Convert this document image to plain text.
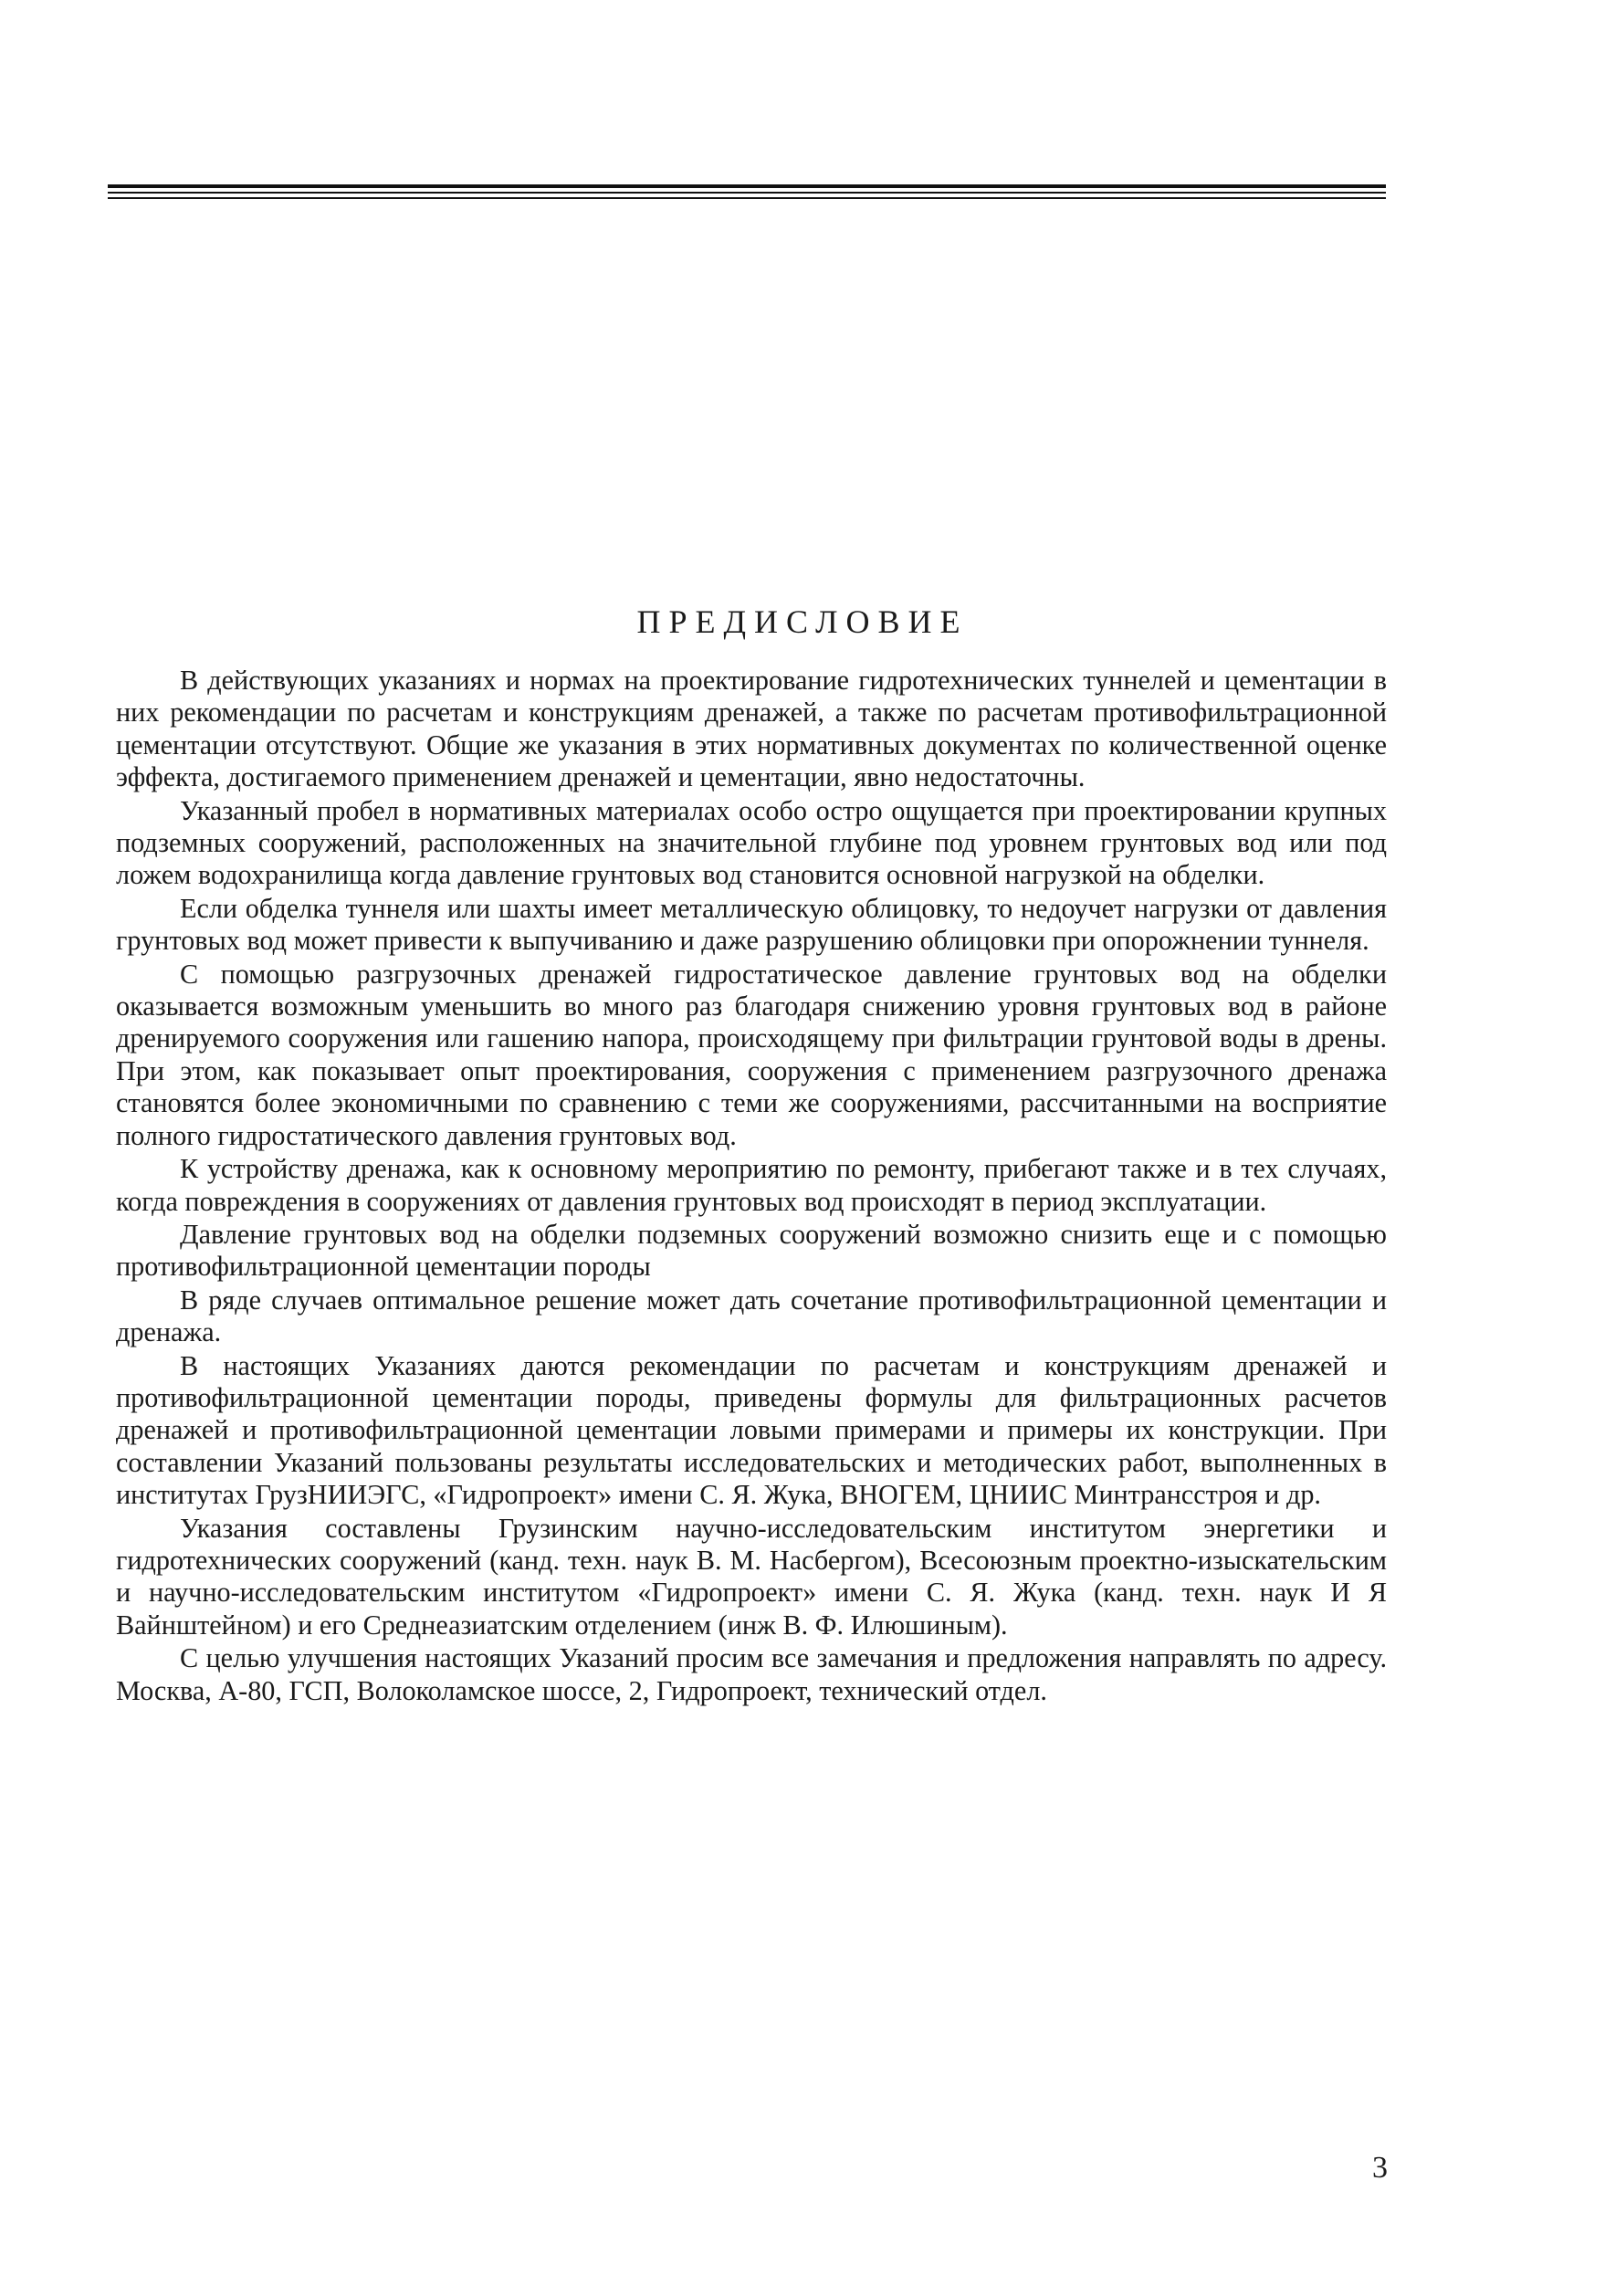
ПРЕДИСЛОВИЕ

В действующих указаниях и нормах на проектирование гидротехнических туннелей и цементации в них рекомендации по расчетам и конструкциям дренажей, а также по расчетам противофильтрационной цементации отсутствуют. Общие же указания в этих нормативных документах по количественной оценке эффекта, достигаемого применением дренажей и цементации, явно недостаточны.

Указанный пробел в нормативных материалах особо остро ощущается при проектировании крупных подземных сооружений, расположенных на значительной глубине под уровнем грунтовых вод или под ложем водохранилища когда давление грунтовых вод становится основной нагрузкой на обделки.

Если обделка туннеля или шахты имеет металлическую облицовку, то недоучет нагрузки от давления грунтовых вод может привести к выпучиванию и даже разрушению облицовки при опорожнении туннеля.

С помощью разгрузочных дренажей гидростатическое давление грунтовых вод на обделки оказывается возможным уменьшить во много раз благодаря снижению уровня грунтовых вод в районе дренируемого сооружения или гашению напора, происходящему при фильтрации грунтовой воды в дрены. При этом, как показывает опыт проектирования, сооружения с применением разгрузочного дренажа становятся более экономичными по сравнению с теми же сооружениями, рассчитанными на восприятие полного гидростатического давления грунтовых вод.

К устройству дренажа, как к основному мероприятию по ремонту, прибегают также и в тех случаях, когда повреждения в сооружениях от давления грунтовых вод происходят в период эксплуатации.

Давление грунтовых вод на обделки подземных сооружений возможно снизить еще и с помощью противофильтрационной цементации породы

В ряде случаев оптимальное решение может дать сочетание противофильтрационной цементации и дренажа.

В настоящих Указаниях даются рекомендации по расчетам и конструкциям дренажей и противофильтрационной цементации породы, приведены формулы для фильтрационных расчетов дренажей и противофильтрационной цементации ловыми примерами и примеры их конструкции. При составлении Указаний пользованы результаты исследовательских и методических работ, выполненных в институтах ГрузНИИЭГС, «Гидропроект» имени С. Я. Жука, ВНОГЕМ, ЦНИИС Минтрансстроя и др.

Указания составлены Грузинским научно-исследовательским институтом энергетики и гидротехнических сооружений (канд. техн. наук В. М. Насбергом), Всесоюзным проектно-изыскательским и научно-исследовательским институтом «Гидропроект» имени С. Я. Жука (канд. техн. наук И Я Вайнштейном) и его Среднеазиатским отделением (инж В. Ф. Илюшиным).

С целью улучшения настоящих Указаний просим все замечания и предложения направлять по адресу. Москва, А-80, ГСП, Волоколамское шоссе, 2, Гидропроект, технический отдел.

3
